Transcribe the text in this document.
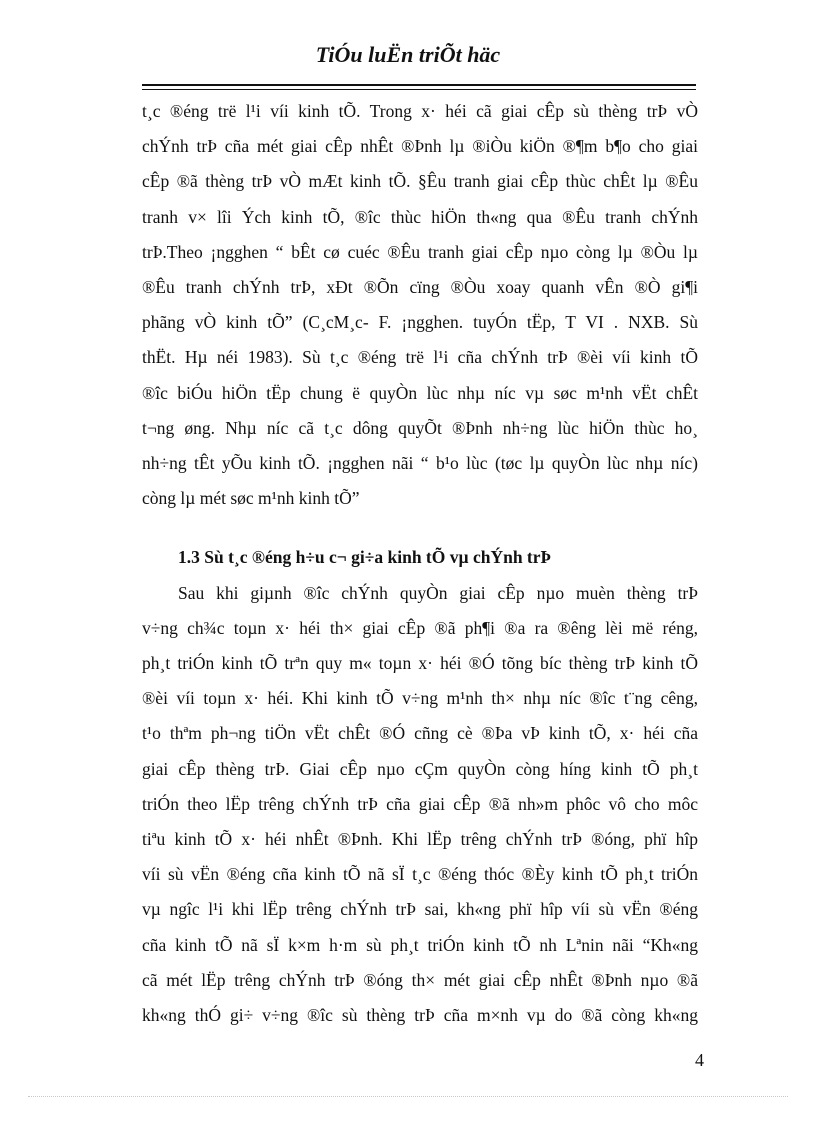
TiÓu luËn triÕt häc
t¸c ®éng trë l¹i víi kinh tÕ. Trong x· héi cã giai cÊp sù thèng trÞ vÒ
chÝnh trÞ cña mét giai cÊp nhÊt ®Þnh lµ ®iÒu kiÖn ®¶m b¶o cho giai
cÊp ®ã thèng trÞ vÒ mÆt kinh tÕ. §Êu tranh giai cÊp thùc chÊt lµ ®Êu
tranh v× lîi Ých kinh tÕ, ®îc thùc hiÖn th«ng qua ®Êu tranh chÝnh
trÞ.Theo ¡ngghen “ bÊt cø cuéc ®Êu tranh giai cÊp nµo còng lµ ®Òu lµ
®Êu tranh chÝnh trÞ, xÐt ®Õn cïng ®Òu xoay quanh vÊn ®Ò gi¶i
phãng vÒ kinh tÕ” (C¸cM¸c- F. ¡ngghen. tuyÓn tËp, T VI . NXB. Sù
thËt. Hµ néi 1983). Sù t¸c ®éng trë l¹i cña chÝnh trÞ ®èi víi kinh tÕ
®îc biÓu hiÖn tËp chung ë quyÒn lùc nhµ níc vµ søc m¹nh vËt chÊt
t¬ng øng. Nhµ níc cã t¸c dông quyÕt ®Þnh nh÷ng lùc hiÖn thùc ho¸
nh÷ng tÊt yÕu kinh tÕ. ¡ngghen nãi “ b¹o lùc (tøc lµ quyÒn lùc nhµ níc)
còng lµ mét søc m¹nh kinh tÕ”
1.3 Sù t¸c ®éng h÷u c¬ gi÷a kinh tÕ vµ chÝnh trÞ
Sau khi giµnh ®îc chÝnh quyÒn giai cÊp nµo muèn thèng trÞ
v÷ng ch¾c toµn x· héi th× giai cÊp ®ã ph¶i ®a ra ®êng lèi më réng,
ph¸t triÓn kinh tÕ trªn quy m« toµn x· héi ®Ó tõng bíc thèng trÞ kinh tÕ
®èi víi toµn x· héi. Khi kinh tÕ v÷ng m¹nh th× nhµ níc ®îc t¨ng cêng,
t¹o thªm ph¬ng tiÖn vËt chÊt ®Ó cñng cè ®Þa vÞ kinh tÕ, x· héi cña
giai cÊp thèng trÞ. Giai cÊp nµo cÇm quyÒn còng híng kinh tÕ ph¸t
triÓn theo lËp trêng chÝnh trÞ cña giai cÊp ®ã nh»m phôc vô cho môc
tiªu kinh tÕ x· héi nhÊt ®Þnh. Khi lËp trêng chÝnh trÞ ®óng, phï hîp
víi sù vËn ®éng cña kinh tÕ nã sÏ t¸c ®éng thóc ®Èy kinh tÕ ph¸t triÓn
vµ ngîc l¹i khi lËp trêng chÝnh trÞ sai, kh«ng phï hîp víi sù vËn ®éng
cña kinh tÕ nã sÏ k×m h·m sù ph¸t triÓn kinh tÕ nh Lªnin nãi “Kh«ng
cã mét lËp trêng chÝnh trÞ ®óng th× mét giai cÊp nhÊt ®Þnh nµo ®ã
kh«ng thÓ gi÷ v÷ng ®îc sù thèng trÞ cña m×nh vµ do ®ã còng kh«ng
4
